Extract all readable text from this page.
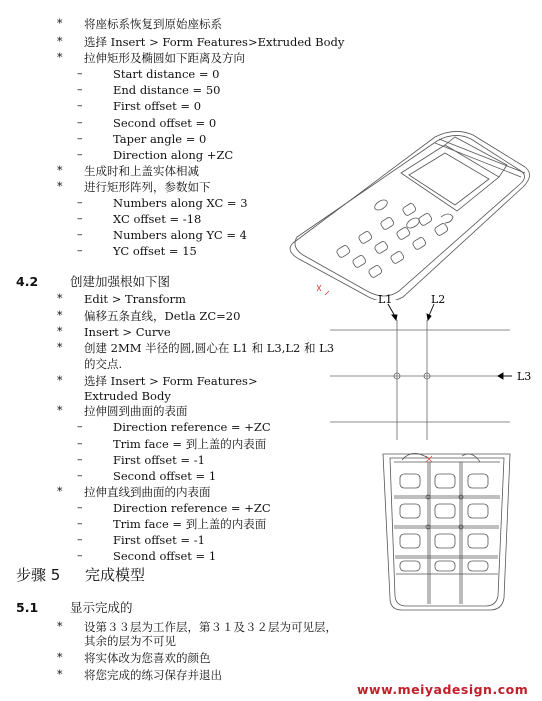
* 将座标系恢复到原始座标系
* 选择 Insert > Form Features>Extruded Body
* 拉伸矩形及椭圆如下距离及方向
–	Start distance = 0
–	End distance = 50
–	First offset = 0
–	Second offset = 0
–	Taper angle = 0
–	Direction along +ZC
* 生成时和上盖实体相减
* 进行矩形阵列，参数如下
–	Numbers along XC = 3
–	XC offset = -18
–	Numbers along YC = 4
–	YC offset = 15
4.2	创建加强根如下图
* Edit > Transform
* 偏移五条直线，Detla ZC=20
* Insert > Curve
* 创建 2MM 半径的圆,圆心在 L1 和 L3,L2 和 L3
的交点.
* 选择 Insert > Form Features>
Extruded Body
* 拉伸圆到曲面的表面
–	Direction reference = +ZC
–	Trim face = 到上盖的内表面
–	First offset = -1
–	Second offset = 1
* 拉伸直线到曲面的内表面
–	Direction reference = +ZC
–	Trim face = 到上盖的内表面
–	First offset = -1
–	Second offset = 1
步骤 5 完成模型
5.1	显示完成的
* 设第３３层为工作层，第３１及３２层为可见层，
其余的层为不可见
* 将实体改为您喜欢的颜色
* 将您完成的练习保存并退出
www.meiyadesign.com
L1	L2
L3
